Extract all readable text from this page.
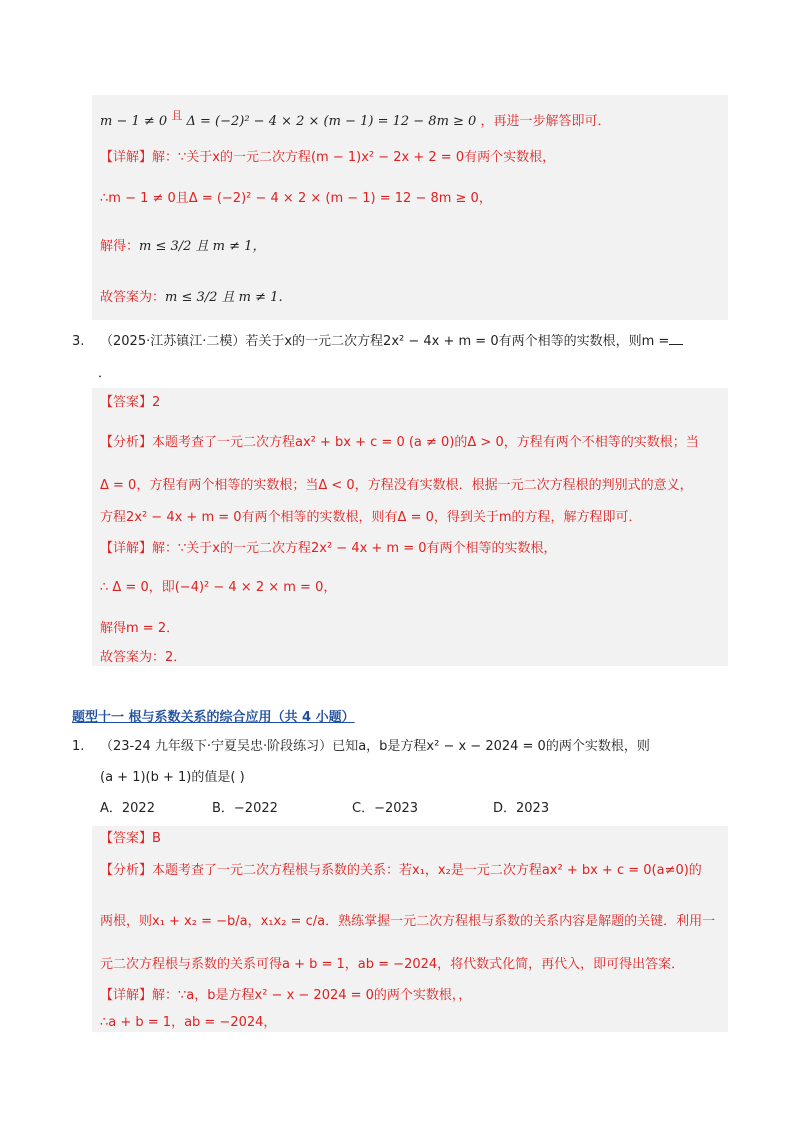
m − 1 ≠ 0 $^且$ Δ = (−2)² − 4 × 2 × (m − 1) = 12 − 8m ≥ 0 ，再进一步解答即可．
【详解】解：∵关于x的一元二次方程(m − 1)x² − 2x + 2 = 0有两个实数根，
∴m − 1 ≠ 0且Δ = (−2)² − 4 × 2 × (m − 1) = 12 − 8m ≥ 0，
解得：m ≤ 3/2 且 m ≠ 1，
故答案为：m ≤ 3/2 且 m ≠ 1.
3. （2025·江苏镇江·二模）若关于x的一元二次方程2x² − 4x + m = 0有两个相等的实数根，则m =
．
【答案】2
【分析】本题考查了一元二次方程ax² + bx + c = 0 (a ≠ 0)的Δ > 0，方程有两个不相等的实数根；当
Δ = 0，方程有两个相等的实数根；当Δ < 0，方程没有实数根．根据一元二次方程根的判别式的意义，
方程2x² − 4x + m = 0有两个相等的实数根，则有Δ = 0，得到关于m的方程，解方程即可．
【详解】解：∵关于x的一元二次方程2x² − 4x + m = 0有两个相等的实数根，
∴ Δ = 0，即(−4)² − 4 × 2 × m = 0，
解得m = 2．
故答案为：2．
题型十一 根与系数关系的综合应用（共 4 小题）
1. （23-24 九年级下·宁夏吴忠·阶段练习）已知a，b是方程x² − x − 2024 = 0的两个实数根，则
(a + 1)(b + 1)的值是( )
A．2022	B．−2022	C．−2023	D．2023
【答案】B
【分析】本题考查了一元二次方程根与系数的关系：若x₁，x₂是一元二次方程ax² + bx + c = 0(a≠0)的
两根，则x₁ + x₂ = −b/a，x₁x₂ = c/a．熟练掌握一元二次方程根与系数的关系内容是解题的关键．利用一
元二次方程根与系数的关系可得a + b = 1，ab = −2024，将代数式化简，再代入，即可得出答案．
【详解】解：∵a，b是方程x² − x − 2024 = 0的两个实数根，，
∴a + b = 1，ab = −2024，
